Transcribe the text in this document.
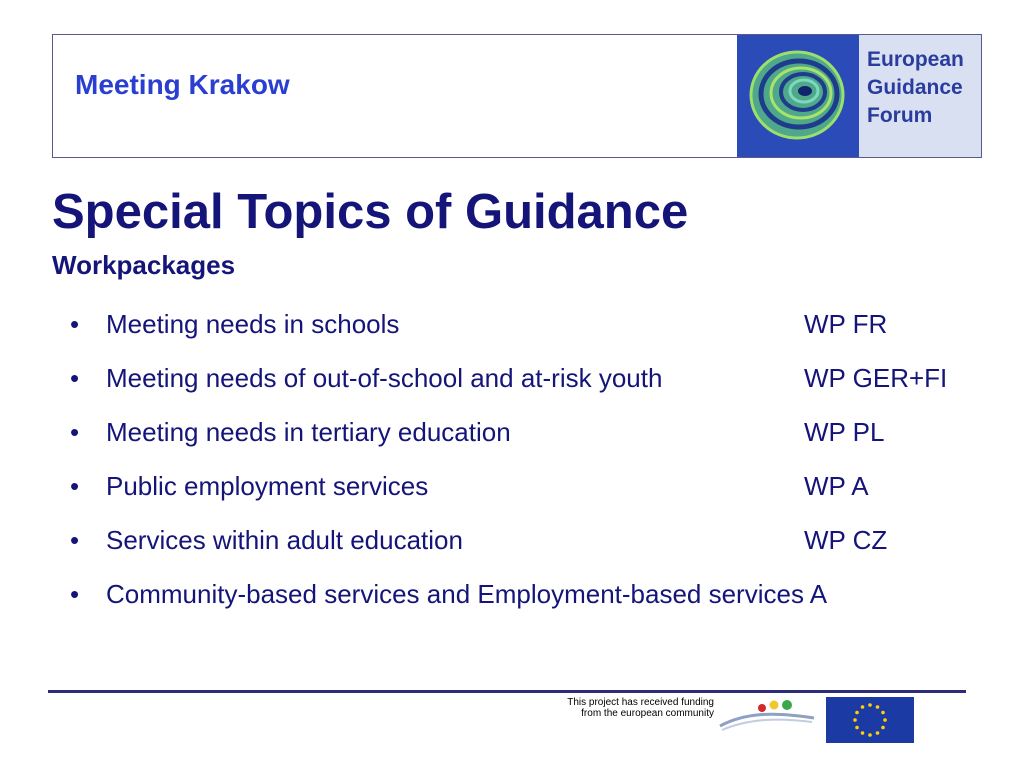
Meeting Krakow
European
Guidance
Forum
Special Topics of Guidance
Workpackages
• Meeting needs in schools	WP FR
• Meeting needs of out-of-school and at-risk youth	WP GER+FI
• Meeting needs in tertiary education	WP PL
• Public employment services	WP A
• Services within adult education	WP CZ
• Community-based services and Employment-based services A
This project has received funding
from the european community
